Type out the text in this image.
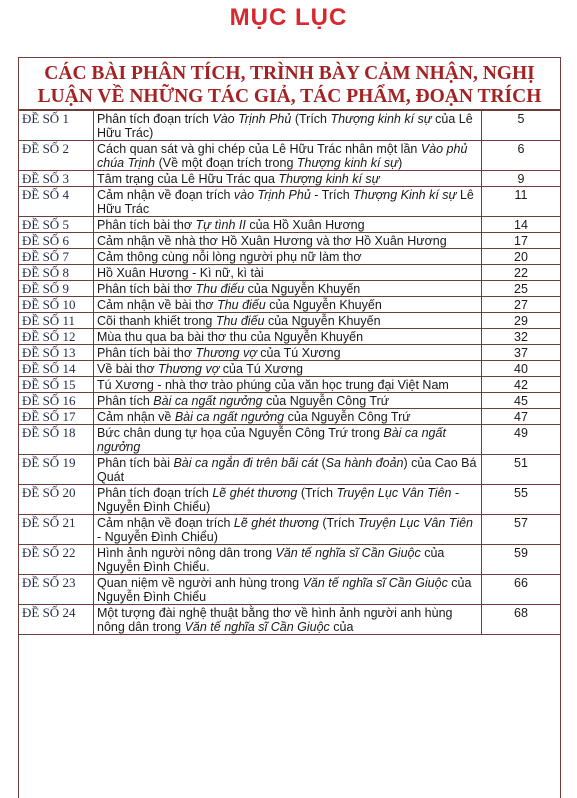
MỤC LỤC
CÁC BÀI PHÂN TÍCH, TRÌNH BÀY CẢM NHẬN, NGHỊ LUẬN VỀ NHỮNG TÁC GIẢ, TÁC PHẨM, ĐOẠN TRÍCH
ĐỀ SỐ 1	Phân tích đoạn trích Vào Trịnh Phủ (Trích Thượng kinh kí sự của Lê Hữu Trác)	5
ĐỀ SỐ 2	Cách quan sát và ghi chép của Lê Hữu Trác nhân một lần Vào phủ chúa Trịnh (Về một đoạn trích trong Thượng kinh kí sự)	6
ĐỀ SỐ 3	Tâm trạng của Lê Hữu Trác qua Thượng kinh kí sự	9
ĐỀ SỐ 4	Cảm nhận về đoạn trích vào Trịnh Phủ - Trích Thượng Kinh kí sự Lê Hữu Trác	11
ĐỀ SỐ 5	Phân tích bài thơ Tự tình II của Hồ Xuân Hương	14
ĐỀ SỐ 6	Cảm nhận về nhà thơ Hồ Xuân Hương và thơ Hồ Xuân Hương	17
ĐỀ SỐ 7	Cảm thông cùng nỗi lòng người phụ nữ làm thơ	20
ĐỀ SỐ 8	Hồ Xuân Hương - Kì nữ, kì tài	22
ĐỀ SỐ 9	Phân tích bài thơ Thu điếu của Nguyễn Khuyến	25
ĐỀ SỐ 10	Cảm nhận về bài thơ Thu điếu của Nguyễn Khuyến	27
ĐỀ SỐ 11	Cõi thanh khiết trong Thu điếu của Nguyễn Khuyến	29
ĐỀ SỐ 12	Mùa thu qua ba bài thơ thu của Nguyễn Khuyến	32
ĐỀ SỐ 13	Phân tích bài thơ Thương vợ của Tú Xương	37
ĐỀ SỐ 14	Về bài thơ Thương vợ của Tú Xương	40
ĐỀ SỐ 15	Tú Xương - nhà thơ trào phúng của văn học trung đại Việt Nam	42
ĐỀ SỐ 16	Phân tích Bài ca ngất ngưởng của Nguyễn Công Trứ	45
ĐỀ SỐ 17	Cảm nhận về Bài ca ngất ngưởng của Nguyễn Công Trứ	47
ĐỀ SỐ 18	Bức chân dung tự họa của Nguyễn Công Trứ trong Bài ca ngất ngưởng	49
ĐỀ SỐ 19	Phân tích bài Bài ca ngắn đi trên bãi cát (Sa hành đoản) của Cao Bá Quát	51
ĐỀ SỐ 20	Phân tích đoạn trích Lẽ ghét thương (Trích Truyện Lục Vân Tiên - Nguyễn Đình Chiểu)	55
ĐỀ SỐ 21	Cảm nhận về đoạn trích Lẽ ghét thương (Trích Truyện Lục Vân Tiên - Nguyễn Đình Chiểu)	57
ĐỀ SỐ 22	Hình ảnh người nông dân trong Văn tế nghĩa sĩ Cần Giuộc của Nguyễn Đình Chiểu.	59
ĐỀ SỐ 23	Quan niệm về người anh hùng trong Văn tế nghĩa sĩ Cần Giuộc của Nguyễn Đình Chiểu	66
ĐỀ SỐ 24	Một tượng đài nghệ thuật bằng thơ về hình ảnh người anh hùng nông dân trong Văn tế nghĩa sĩ Cần Giuộc của	68
